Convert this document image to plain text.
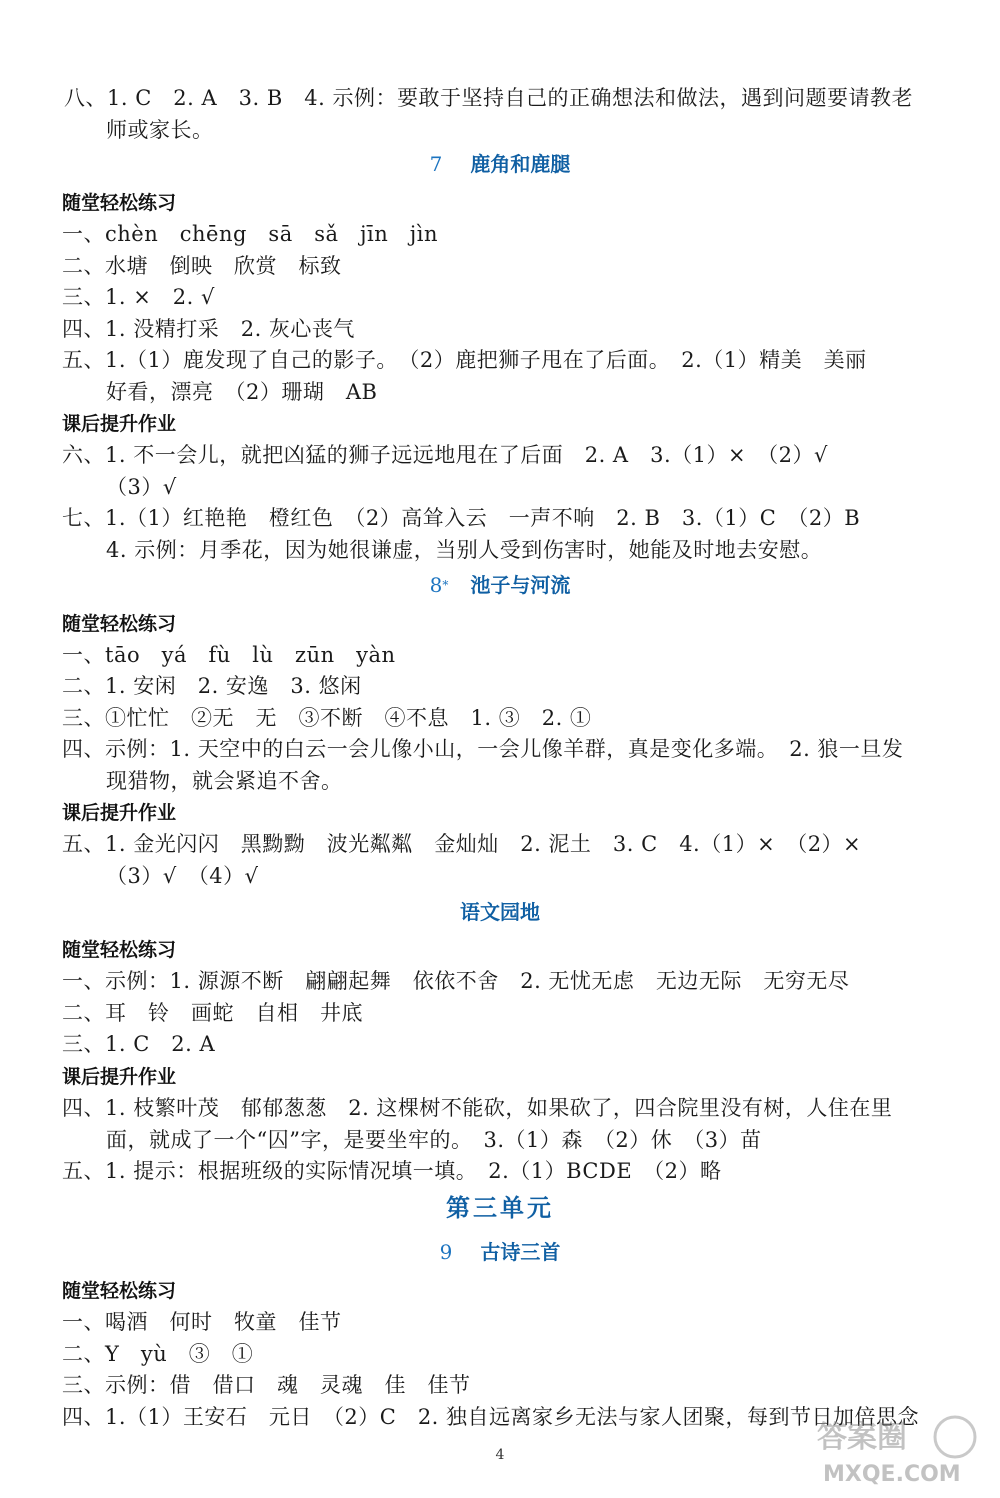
八、1. C　2. A　3. B　4. 示例：要敢于坚持自己的正确想法和做法，遇到问题要请教老
师或家长。
7 鹿角和鹿腿
随堂轻松练习
一、chèn　chēng　sā　sǎ　jīn　jìn
二、水塘　倒映　欣赏　标致
三、1. ×　2. √
四、1. 没精打采　2. 灰心丧气
五、1.（1）鹿发现了自己的影子。　（2）鹿把狮子甩在了后面。　2.（1）精美　美丽
好看，漂亮　（2）珊瑚　AB
课后提升作业
六、1. 不一会儿，就把凶猛的狮子远远地甩在了后面　2. A　3.（1）×　（2）√
（3）√
七、1.（1）红艳艳　橙红色　（2）高耸入云　一声不响　2. B　3.（1）C　（2）B
4. 示例：月季花，因为她很谦虚，当别人受到伤害时，她能及时地去安慰。
8* 池子与河流
随堂轻松练习
一、tāo　yá　fù　lù　zūn　yàn
二、1. 安闲　2. 安逸　3. 悠闲
三、①忙忙　②无　无　③不断　④不息　1. ③　2. ①
四、示例：1. 天空中的白云一会儿像小山，一会儿像羊群，真是变化多端。　2. 狼一旦发
现猎物，就会紧追不舍。
课后提升作业
五、1. 金光闪闪　黑黝黝　波光粼粼　金灿灿　2. 泥土　3. C　4.（1）×　（2）×
（3）√　（4）√
语文园地
随堂轻松练习
一、示例：1. 源源不断　翩翩起舞　依依不舍　2. 无忧无虑　无边无际　无穷无尽
二、耳　铃　画蛇　自相　井底
三、1. C　2. A
课后提升作业
四、1. 枝繁叶茂　郁郁葱葱　2. 这棵树不能砍，如果砍了，四合院里没有树，人住在里
面，就成了一个“囚”字，是要坐牢的。　3.（1）森　（2）休　（3）苗
五、1. 提示：根据班级的实际情况填一填。　2.（1）BCDE　（2）略
第三单元
9 古诗三首
随堂轻松练习
一、喝酒　何时　牧童　佳节
二、Y　yù　③　①
三、示例：借　借口　魂　灵魂　佳　佳节
四、1.（1）王安石　元日　（2）C　2. 独自远离家乡无法与家人团聚，每到节日加倍思念
4	答案圈
MXQE.COM
